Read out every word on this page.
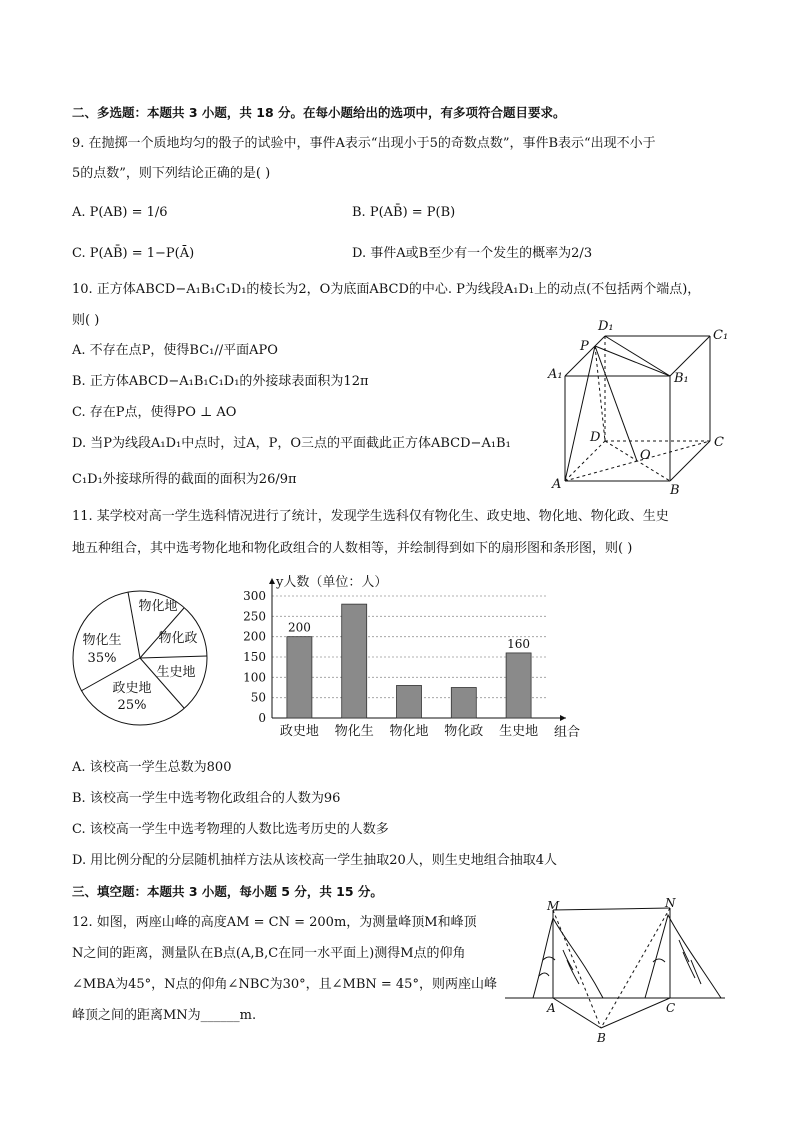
二、多选题：本题共 3 小题，共 18 分。在每小题给出的选项中，有多项符合题目要求。
9. 在抛掷一个质地均匀的骰子的试验中，事件A表示“出现小于5的奇数点数”，事件B表示“出现不小于
5的点数”，则下列结论正确的是( )
A. P(AB) = 1/6	B. P(AB̄) = P(B)
C. P(AB̄) = 1−P(Ā)	D. 事件A或B至少有一个发生的概率为2/3
10. 正方体ABCD−A₁B₁C₁D₁的棱长为2，O为底面ABCD的中心. P为线段A₁D₁上的动点(不包括两个端点)，
则( )
A. 不存在点P，使得BC₁//平面APO
B. 正方体ABCD−A₁B₁C₁D₁的外接球表面积为12π
C. 存在P点，使得PO ⊥ AO
D. 当P为线段A₁D₁中点时，过A，P，O三点的平面截此正方体ABCD−A₁B₁
C₁D₁外接球所得的截面的面积为26/9π
D₁
C₁
P
A₁	B₁
D	C
O
A	B
11. 某学校对高一学生选科情况进行了统计，发现学生选科仅有物化生、政史地、物化地、物化政、生史
地五种组合，其中选考物化地和物化政组合的人数相等，并绘制得到如下的扇形图和条形图，则( )
物化地
物化政
物化生
35%
生史地
政史地
25%
y人数（单位：人）
组合
0
50
100
150
200
250
300
政史地 物化生 物化地 物化政 生史地
200
160
A. 该校高一学生总数为800
B. 该校高一学生中选考物化政组合的人数为96
C. 该校高一学生中选考物理的人数比选考历史的人数多
D. 用比例分配的分层随机抽样方法从该校高一学生抽取20人，则生史地组合抽取4人
三、填空题：本题共 3 小题，每小题 5 分，共 15 分。
12. 如图，两座山峰的高度AM = CN = 200m，为测量峰顶M和峰顶
N之间的距离，测量队在B点(A,B,C在同一水平面上)测得M点的仰角
∠MBA为45°，N点的仰角∠NBC为30°，且∠MBN = 45°，则两座山峰
峰顶之间的距离MN为______m.
M	N
A	C
B
